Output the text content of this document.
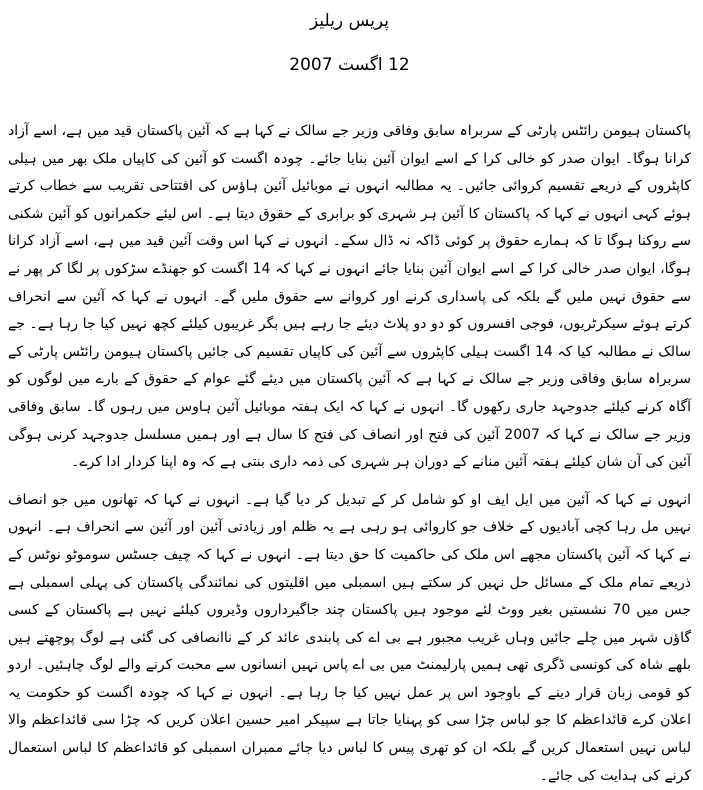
پریس ریلیز
12 اگست 2007

پاکستان ہیومن رائٹس پارٹی کے سربراہ سابق وفاقی وزیر جے سالک نے کہا ہے کہ آئین پاکستان قید میں ہے، اسے آزاد کرانا ہوگا۔ ایوان صدر کو خالی کرا کے اسے ایوان آئین بنایا جائے۔ چودہ اگست کو آئین کی کاپیاں ملک بھر میں ہیلی کاپٹروں کے ذریعے تقسیم کروائی جائیں۔ یہ مطالبہ انہوں نے موبائیل آئین ہاؤس کی افتتاحی تقریب سے خطاب کرتے ہوئے کہی انہوں نے کہا کہ پاکستان کا آئین ہر شہری کو برابری کے حقوق دیتا ہے۔ اس لیئے حکمرانوں کو آئین شکنی سے روکنا ہوگا تا کہ ہمارے حقوق پر کوئی ڈاکہ نہ ڈال سکے۔ انہوں نے کہا اس وقت آئین قید میں ہے، اسے آزاد کرانا ہوگا، ایوان صدر خالی کرا کے اسے ایوان آئین بنایا جائے انہوں نے کہا کہ 14 اگست کو جھنڈے سڑکوں پر لگا کر پھر نے سے حقوق نہیں ملیں گے بلکہ کی پاسداری کرنے اور کروانے سے حقوق ملیں گے۔ انہوں نے کہا کہ آئین سے انحراف کرتے ہوئے سیکرٹریوں، فوجی افسروں کو دو دو پلاٹ دیئے جا رہے ہیں بگر غریبوں کیلئے کچھ نہیں کیا جا رہا ہے۔ جے سالک نے مطالبہ کیا کہ 14 اگست ہیلی کاپٹروں سے آئین کی کاپیاں تقسیم کی جائیں پاکستان ہیومن رائٹس پارٹی کے سربراہ سابق وفاقی وزیر جے سالک نے کہا ہے کہ آئین پاکستان میں دیئے گئے عوام کے حقوق کے بارے میں لوگوں کو آگاہ کرنے کیلئے جدوجہد جاری رکھوں گا۔ انہوں نے کہا کہ ایک ہفتہ موبائیل آئین ہاوس میں رہوں گا۔ سابق وفاقی وزیر جے سالک نے کہا کہ 2007 آئین کی فتح اور انصاف کی فتح کا سال ہے اور ہمیں مسلسل جدوجہد کرنی ہوگی آئین کی آن شان کیلئے ہفتہ آئین منانے کے دوران ہر شہری کی ذمہ داری بنتی ہے کہ وہ اپنا کردار ادا کرے۔

انہوں نے کہا کہ آئین میں ایل ایف او کو شامل کر کے تبدیل کر دیا گیا ہے۔ انہوں نے کہا کہ تھانوں میں جو انصاف نہیں مل رہا کچی آبادیوں کے خلاف جو کاروائی ہو رہی ہے یہ ظلم اور زیادتی آئین اور آئین سے انحراف ہے۔ انہوں نے کہا کہ آئین پاکستان مجھے اس ملک کی حاکمیت کا حق دیتا ہے۔ انہوں نے کہا کہ چیف جسٹس سوموٹو نوٹس کے ذریعے تمام ملک کے مسائل حل نہیں کر سکتے ہیں اسمبلی میں اقلیتوں کی نمائندگی پاکستان کی پہلی اسمبلی ہے جس میں 70 نشستیں بغیر ووٹ لئے موجود ہیں پاکستان چند جاگیرداروں وڈیروں کیلئے نہیں ہے پاکستان کے کسی گاؤں شہر میں چلے جائیں وہاں غریب مجبور ہے بی اے کی پابندی عائد کر کے ناانصافی کی گئی ہے لوگ پوچھتے ہیں بلھے شاہ کی کونسی ڈگری تھی ہمیں پارلیمنٹ میں بی اے پاس نہیں انسانوں سے محبت کرنے والے لوگ چاہئیں۔ اردو کو قومی زبان قرار دینے کے باوجود اس پر عمل نہیں کیا جا رہا ہے۔ انہوں نے کہا کہ چودہ اگست کو حکومت یہ اعلان کرے قائداعظم کا جو لباس چڑا سی کو پہنایا جاتا ہے سپیکر امیر حسین اعلان کریں کہ چڑا سی قائداعظم والا لباس نہیں استعمال کریں گے بلکہ ان کو تھری پیس کا لباس دیا جائے ممبران اسمبلی کو قائداعظم کا لباس استعمال کرنے کی ہدایت کی جائے۔
